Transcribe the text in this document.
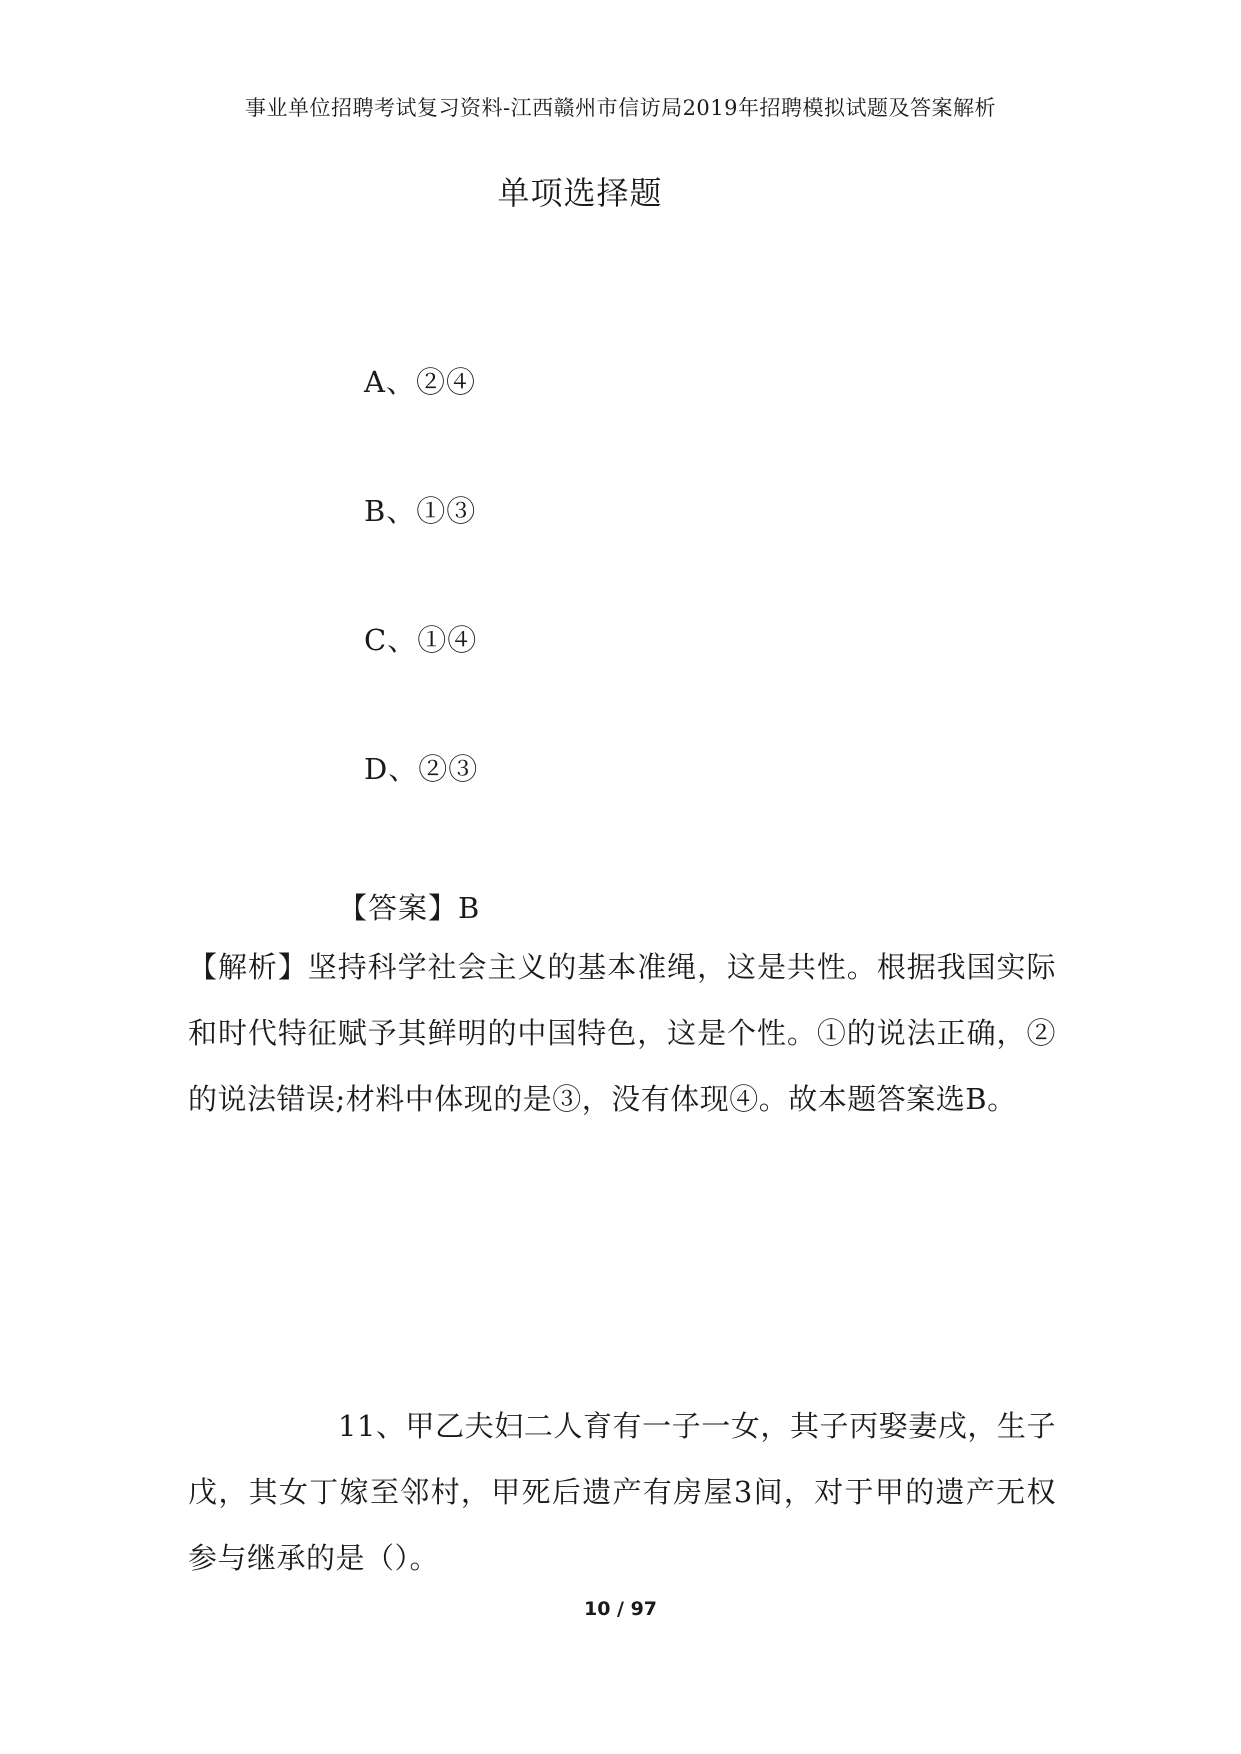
事业单位招聘考试复习资料-江西赣州市信访局2019年招聘模拟试题及答案解析
单项选择题
A、②④
B、①③
C、①④
D、②③
【答案】B
【解析】坚持科学社会主义的基本准绳，这是共性。根据我国实际和时代特征赋予其鲜明的中国特色，这是个性。①的说法正确，②的说法错误;材料中体现的是③，没有体现④。故本题答案选B。
11、甲乙夫妇二人育有一子一女，其子丙娶妻戌，生子戊，其女丁嫁至邻村，甲死后遗产有房屋3间，对于甲的遗产无权参与继承的是（）。
10 / 97
